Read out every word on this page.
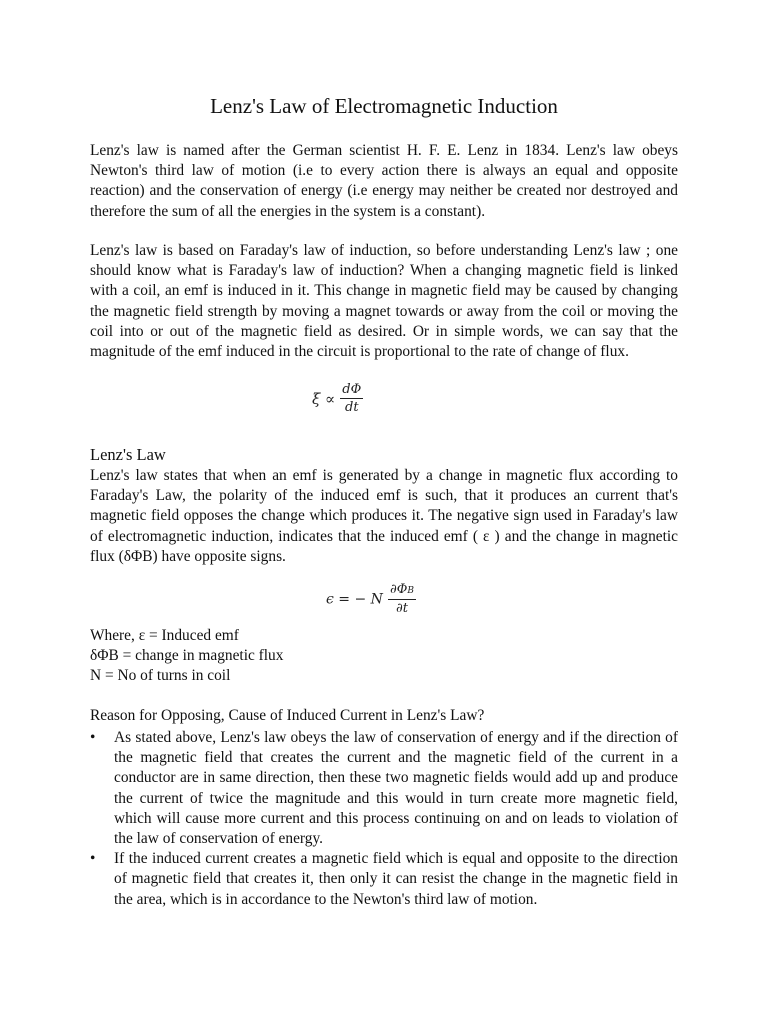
Lenz's Law of Electromagnetic Induction

Lenz's law is named after the German scientist H. F. E. Lenz in 1834. Lenz's law obeys Newton's third law of motion (i.e to every action there is always an equal and opposite reaction) and the conservation of energy (i.e energy may neither be created nor destroyed and therefore the sum of all the energies in the system is a constant).

Lenz's law is based on Faraday's law of induction, so before understanding Lenz's law ; one should know what is Faraday's law of induction? When a changing magnetic field is linked with a coil, an emf is induced in it. This change in magnetic field may be caused by changing the magnetic field strength by moving a magnet towards or away from the coil or moving the coil into or out of the magnetic field as desired. Or in simple words, we can say that the magnitude of the emf induced in the circuit is proportional to the rate of change of flux.

$\xi \propto \frac{d\Phi}{dt}$
Lenz's Law

Lenz's law states that when an emf is generated by a change in magnetic flux according to Faraday's Law, the polarity of the induced emf is such, that it produces an current that's magnetic field opposes the change which produces it. The negative sign used in Faraday's law of electromagnetic induction, indicates that the induced emf ( ε ) and the change in magnetic flux (δΦB) have opposite signs.

ϵ = − N $\frac{\partial\Phi B}{\partial t}$

Where, ε = Induced emf

δΦB = change in magnetic flux

N = No of turns in coil

Reason for Opposing, Cause of Induced Current in Lenz's Law?

• As stated above, Lenz's law obeys the law of conservation of energy and if the direction of the magnetic field that creates the current and the magnetic field of the current in a conductor are in same direction, then these two magnetic fields would add up and produce the current of twice the magnitude and this would in turn create more magnetic field, which will cause more current and this process continuing on and on leads to violation of the law of conservation of energy.
• If the induced current creates a magnetic field which is equal and opposite to the direction of magnetic field that creates it, then only it can resist the change in the magnetic field in the area, which is in accordance to the Newton's third law of motion.
